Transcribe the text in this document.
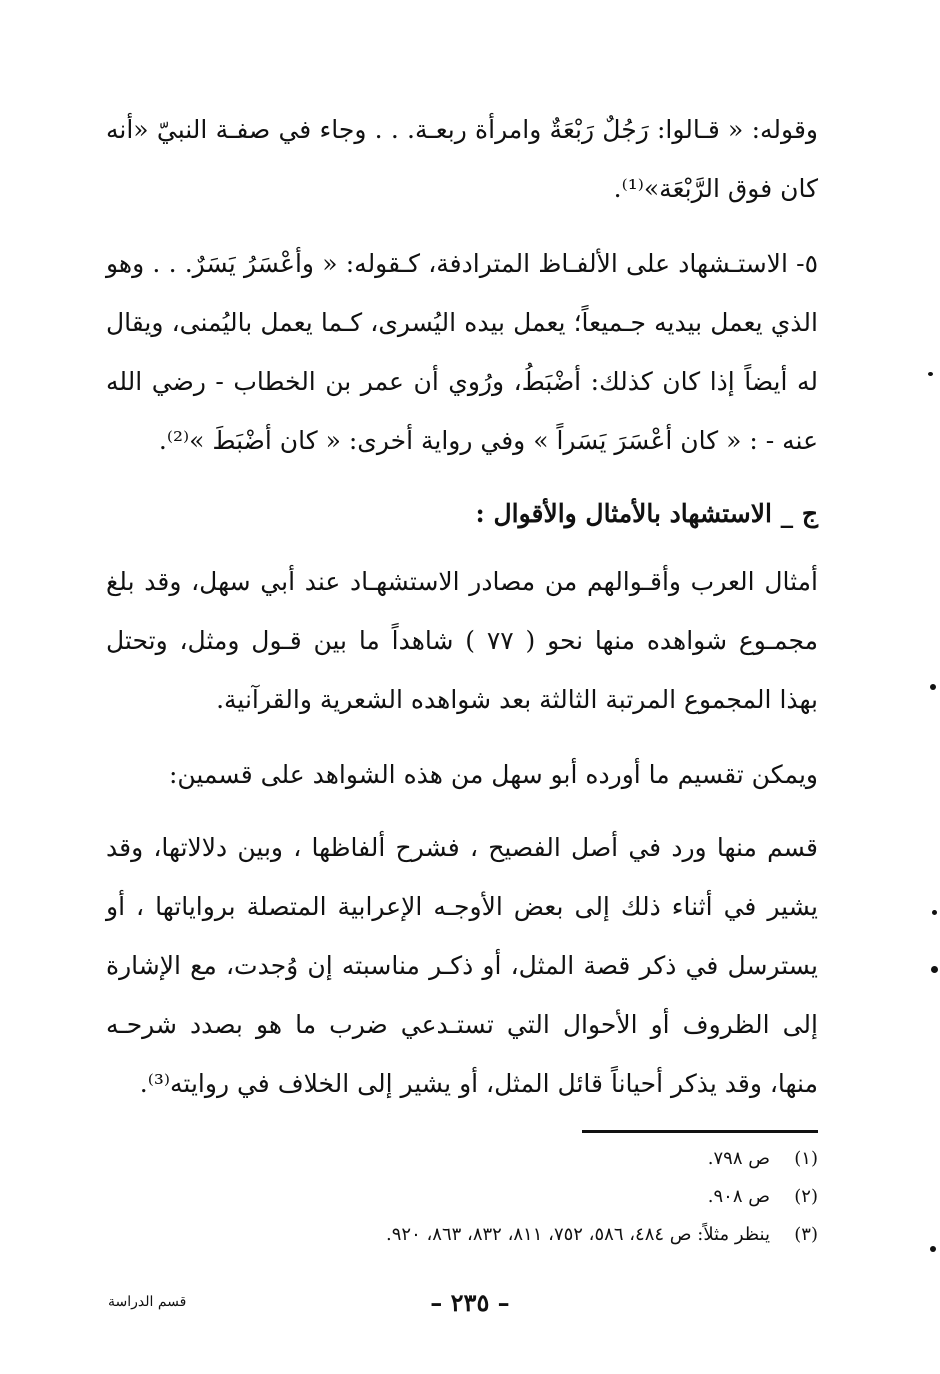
وقوله: « قـالوا: رَجُلٌ رَبْعَةٌ وامرأة ربعـة. . . وجاء في صفـة النبيّ «أنه كان فوق الرَّبْعَة»⁽¹⁾.

٥- الاستـشهاد على الألفـاظ المترادفة، كـقوله: « وأعْسَرُ يَسَرٌ. . . وهو الذي يعمل بيديه جـميعاً؛ يعمل بيده اليُسرى، كـما يعمل باليُمنى، ويقال له أيضاً إذا كان كذلك: أضْبَطُ، ورُوي أن عمر بن الخطاب - رضي الله عنه - : « كان أعْسَرَ يَسَراً » وفي رواية أخرى: « كان أضْبَطَ »⁽²⁾.

ج _ الاستشهاد بالأمثال والأقوال :

أمثال العرب وأقـوالهم من مصادر الاستشهـاد عند أبي سهل، وقد بلغ مجمـوع شواهده منها نحو ( ٧٧ ) شاهداً ما بين قـول ومثل، وتحتل بهذا المجموع المرتبة الثالثة بعد شواهده الشعرية والقرآنية.

ويمكن تقسيم ما أورده أبو سهل من هذه الشواهد على قسمين:

قسم منها ورد في أصل الفصيح ، فشرح ألفاظها ، وبين دلالاتها، وقد يشير في أثناء ذلك إلى بعض الأوجـه الإعرابية المتصلة برواياتها ، أو يسترسل في ذكر قصة المثل، أو ذكـر مناسبته إن وُجدت، مع الإشارة إلى الظروف أو الأحوال التي تستـدعي ضرب ما هو بصدد شرحـه منها، وقد يذكر أحياناً قائل المثل، أو يشير إلى الخلاف في روايته⁽³⁾.

(١)
ص ٧٩٨.
(٢)
ص ٩٠٨.
(٣)
ينظر مثلاً: ص ٤٨٤، ٥٨٦، ٧٥٢، ٨١١، ٨٣٢، ٨٦٣، ٩٢٠.
– ٢٣٥ –
قسم الدراسة
